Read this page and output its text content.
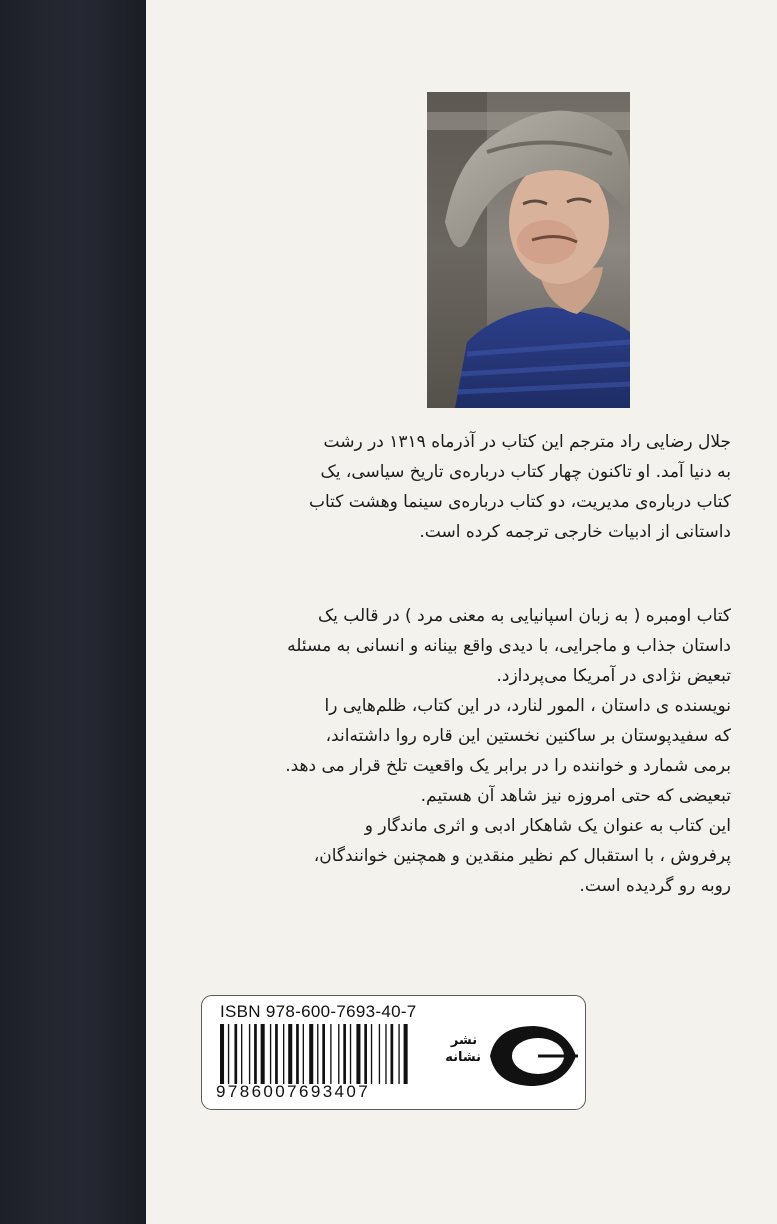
جلال رضایی راد مترجم این کتاب در آذرماه ۱۳۱۹ در رشت

به دنیا آمد. او تاکنون چهار کتاب درباره‌ی تاریخ سیاسی، یک

کتاب درباره‌ی مدیریت، دو کتاب درباره‌ی سینما وهشت کتاب

داستانی از ادبیات خارجی ترجمه کرده است.

کتاب اومبره ( به زبان اسپانیایی به معنی مرد ) در قالب یک

داستان جذاب و ماجرایی، با دیدی واقع بینانه و انسانی به مسئله

تبعیض نژادی در آمریکا می‌پردازد.

نویسنده ی داستان ، المور لنارد، در این کتاب، ظلم‌هایی را

که سفیدپوستان بر ساکنین نخستین این قاره روا داشته‌اند،

برمی شمارد و خواننده را در برابر یک واقعیت تلخ قرار می دهد.

تبعیضی که حتی امروزه نیز شاهد آن هستیم.

این کتاب به عنوان یک شاهکار ادبی و اثری ماندگار و

پرفروش ، با استقبال کم نظیر منقدین و همچنین خوانندگان،

روبه رو گردیده است.

ISBN 978-600-7693-40-7
9786007693407
نشر
نشانه
